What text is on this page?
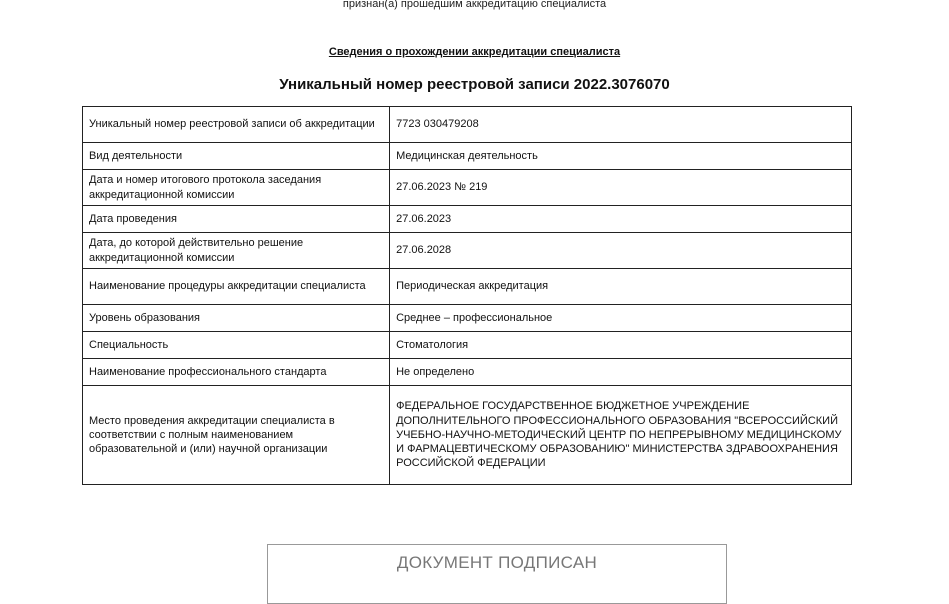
признан(а) прошедшим аккредитацию специалиста
Сведения о прохождении аккредитации специалиста
Уникальный номер реестровой записи 2022.3076070
Уникальный номер реестровой записи об аккредитации	7723 030479208
Вид деятельности	Медицинская деятельность
Дата и номер итогового протокола заседания аккредитационной комиссии	27.06.2023 № 219
Дата проведения	27.06.2023
Дата, до которой действительно решение аккредитационной комиссии	27.06.2028
Наименование процедуры аккредитации специалиста	Периодическая аккредитация
Уровень образования	Среднее – профессиональное
Специальность	Стоматология
Наименование профессионального стандарта	Не определено
Место проведения аккредитации специалиста в соответствии с полным наименованием образовательной и (или) научной организации	ФЕДЕРАЛЬНОЕ ГОСУДАРСТВЕННОЕ БЮДЖЕТНОЕ УЧРЕЖДЕНИЕ ДОПОЛНИТЕЛЬНОГО ПРОФЕССИОНАЛЬНОГО ОБРАЗОВАНИЯ "ВСЕРОССИЙСКИЙ УЧЕБНО-НАУЧНО-МЕТОДИЧЕСКИЙ ЦЕНТР ПО НЕПРЕРЫВНОМУ МЕДИЦИНСКОМУ И ФАРМАЦЕВТИЧЕСКОМУ ОБРАЗОВАНИЮ" МИНИСТЕРСТВА ЗДРАВООХРАНЕНИЯ РОССИЙСКОЙ ФЕДЕРАЦИИ
ДОКУМЕНТ ПОДПИСАН
